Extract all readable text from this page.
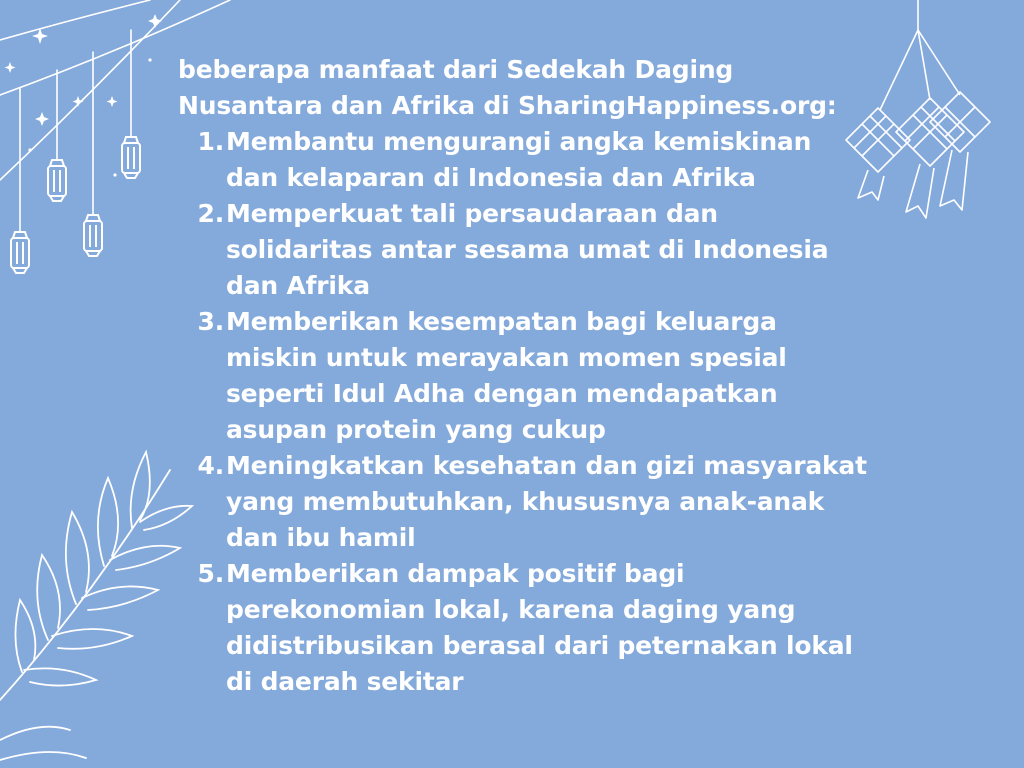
beberapa manfaat dari Sedekah Daging Nusantara dan Afrika di SharingHappiness.org:

1. Membantu mengurangi angka kemiskinan dan kelaparan di Indonesia dan Afrika
2. Memperkuat tali persaudaraan dan solidaritas antar sesama umat di Indonesia dan Afrika
3. Memberikan kesempatan bagi keluarga miskin untuk merayakan momen spesial seperti Idul Adha dengan mendapatkan asupan protein yang cukup
4. Meningkatkan kesehatan dan gizi masyarakat yang membutuhkan, khususnya anak-anak dan ibu hamil
5. Memberikan dampak positif bagi perekonomian lokal, karena daging yang didistribusikan berasal dari peternakan lokal di daerah sekitar
